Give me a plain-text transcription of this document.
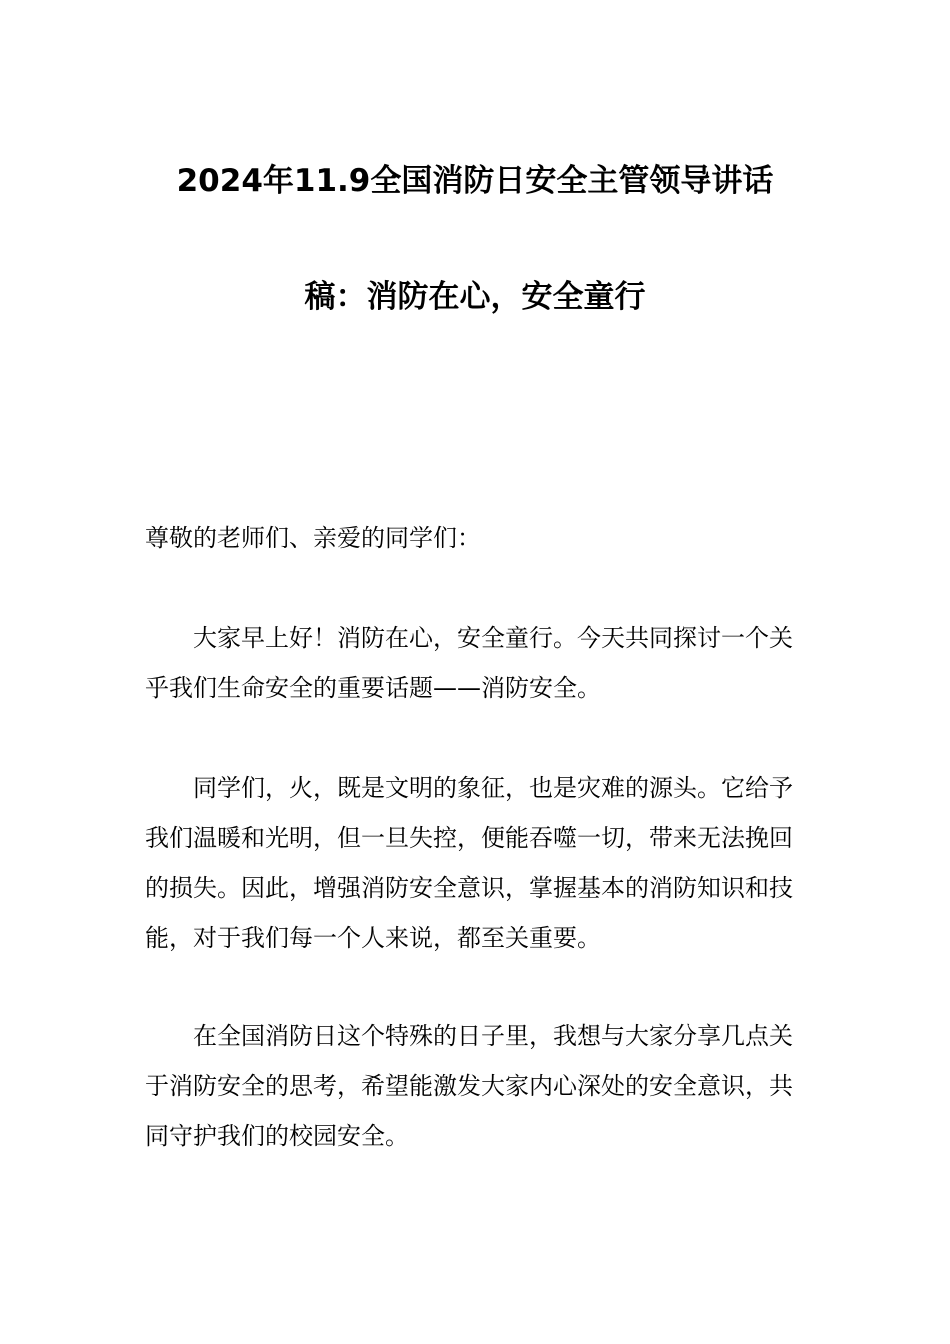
2024年11.9全国消防日安全主管领导讲话
稿：消防在心，安全童行
尊敬的老师们、亲爱的同学们：
大家早上好！消防在心，安全童行。今天共同探讨一个关乎我们生命安全的重要话题——消防安全。
同学们，火，既是文明的象征，也是灾难的源头。它给予我们温暖和光明，但一旦失控，便能吞噬一切，带来无法挽回的损失。因此，增强消防安全意识，掌握基本的消防知识和技能，对于我们每一个人来说，都至关重要。
在全国消防日这个特殊的日子里，我想与大家分享几点关于消防安全的思考，希望能激发大家内心深处的安全意识，共同守护我们的校园安全。
